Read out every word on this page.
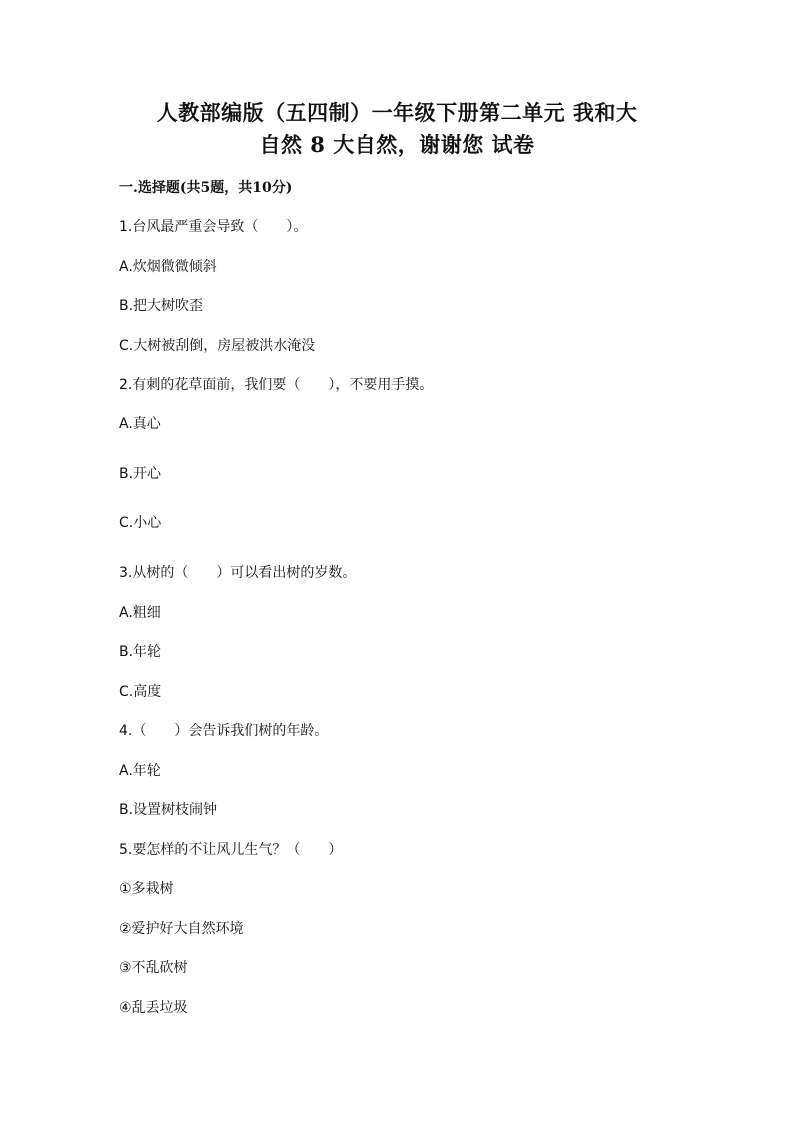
人教部编版（五四制）一年级下册第二单元 我和大
自然 8 大自然，谢谢您 试卷
一.选择题(共5题，共10分)
1.台风最严重会导致（　　）。
A.炊烟微微倾斜
B.把大树吹歪
C.大树被刮倒，房屋被洪水淹没
2.有刺的花草面前，我们要（　　），不要用手摸。
A.真心
B.开心
C.小心
3.从树的（　　）可以看出树的岁数。
A.粗细
B.年轮
C.高度
4.（　　）会告诉我们树的年龄。
A.年轮
B.设置树枝闹钟
5.要怎样的不让风儿生气？（　　）
①多栽树
②爱护好大自然环境
③不乱砍树
④乱丢垃圾
